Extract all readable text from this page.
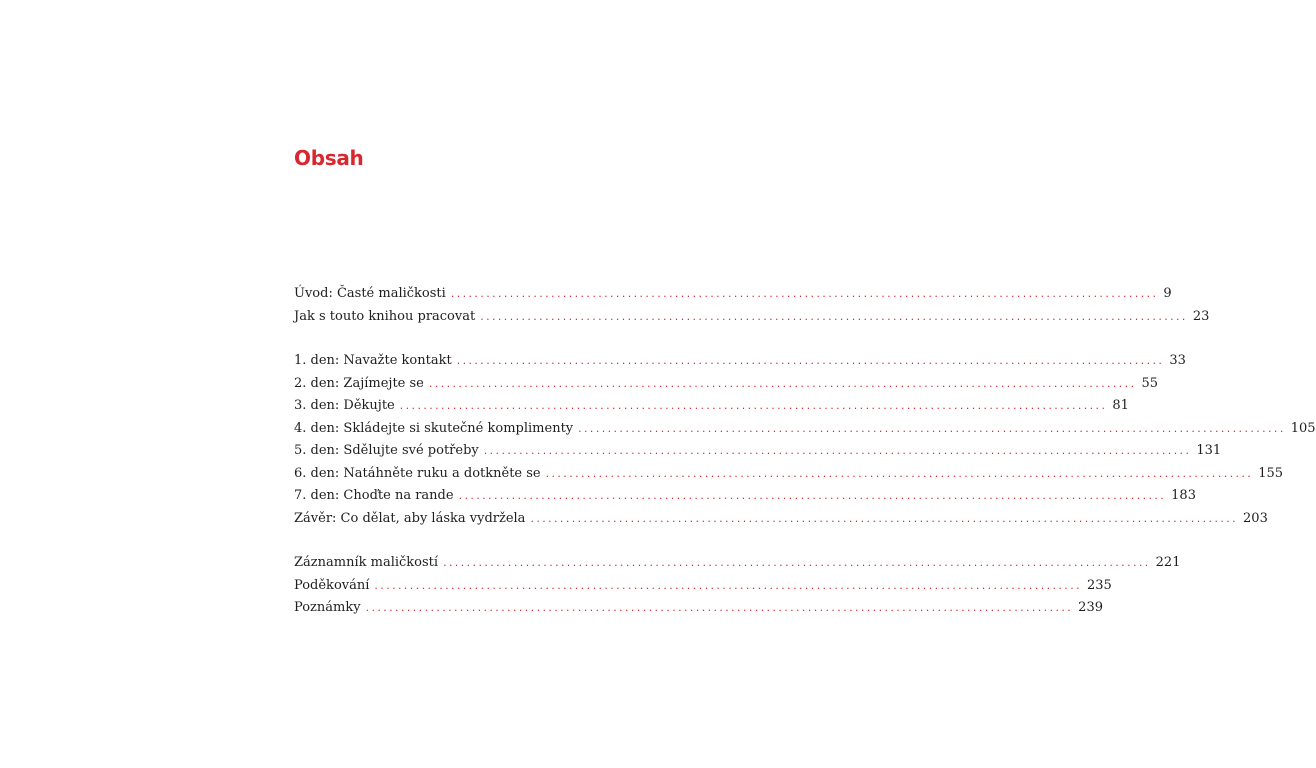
Obsah
Úvod: Časté maličkosti ........................................................................................................................ 9
Jak s touto knihou pracovat ........................................................................................................................ 23
1. den: Navažte kontakt ........................................................................................................................ 33
2. den: Zajímejte se ........................................................................................................................ 55
3. den: Děkujte ........................................................................................................................ 81
4. den: Skládejte si skutečné komplimenty ........................................................................................................................ 105
5. den: Sdělujte své potřeby ........................................................................................................................ 131
6. den: Natáhněte ruku a dotkněte se ........................................................................................................................ 155
7. den: Choďte na rande ........................................................................................................................ 183
Závěr: Co dělat, aby láska vydržela ........................................................................................................................ 203
Záznamník maličkostí ........................................................................................................................ 221
Poděkování ........................................................................................................................ 235
Poznámky ........................................................................................................................ 239
